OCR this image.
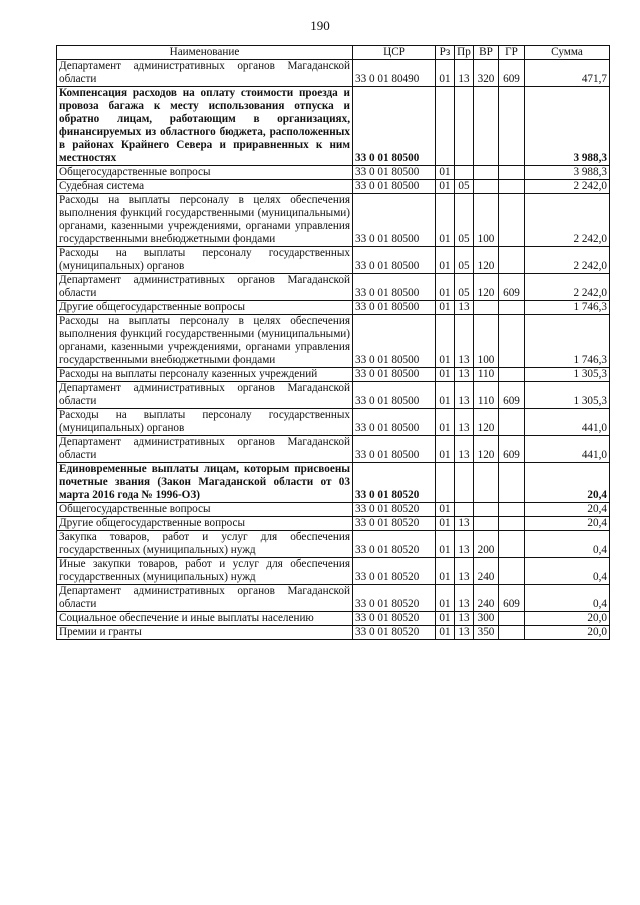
190
Наименование	ЦСР	Рз	Пр	ВР	ГР	Сумма
Департамент административных органов Магаданской области	33 0 01 80490	01	13	320	609	471,7
Компенсация расходов на оплату стоимости проезда и провоза багажа к месту использования отпуска и обратно лицам, работающим в организациях, финансируемых из областного бюджета, расположенных в районах Крайнего Севера и приравненных к ним местностях	33 0 01 80500					3 988,3
Общегосударственные вопросы	33 0 01 80500	01				3 988,3
Судебная система	33 0 01 80500	01	05			2 242,0
Расходы на выплаты персоналу в целях обеспечения выполнения функций государственными (муниципальными) органами, казенными учреждениями, органами управления государственными внебюджетными фондами	33 0 01 80500	01	05	100		2 242,0
Расходы на выплаты персоналу государственных (муниципальных) органов	33 0 01 80500	01	05	120		2 242,0
Департамент административных органов Магаданской области	33 0 01 80500	01	05	120	609	2 242,0
Другие общегосударственные вопросы	33 0 01 80500	01	13			1 746,3
Расходы на выплаты персоналу в целях обеспечения выполнения функций государственными (муниципальными) органами, казенными учреждениями, органами управления государственными внебюджетными фондами	33 0 01 80500	01	13	100		1 746,3
Расходы на выплаты персоналу казенных учреждений	33 0 01 80500	01	13	110		1 305,3
Департамент административных органов Магаданской области	33 0 01 80500	01	13	110	609	1 305,3
Расходы на выплаты персоналу государственных (муниципальных) органов	33 0 01 80500	01	13	120		441,0
Департамент административных органов Магаданской области	33 0 01 80500	01	13	120	609	441,0
Единовременные выплаты лицам, которым присвоены почетные звания (Закон Магаданской области от 03 марта 2016 года № 1996-ОЗ)	33 0 01 80520					20,4
Общегосударственные вопросы	33 0 01 80520	01				20,4
Другие общегосударственные вопросы	33 0 01 80520	01	13			20,4
Закупка товаров, работ и услуг для обеспечения государственных (муниципальных) нужд	33 0 01 80520	01	13	200		0,4
Иные закупки товаров, работ и услуг для обеспечения государственных (муниципальных) нужд	33 0 01 80520	01	13	240		0,4
Департамент административных органов Магаданской области	33 0 01 80520	01	13	240	609	0,4
Социальное обеспечение и иные выплаты населению	33 0 01 80520	01	13	300		20,0
Премии и гранты	33 0 01 80520	01	13	350		20,0
